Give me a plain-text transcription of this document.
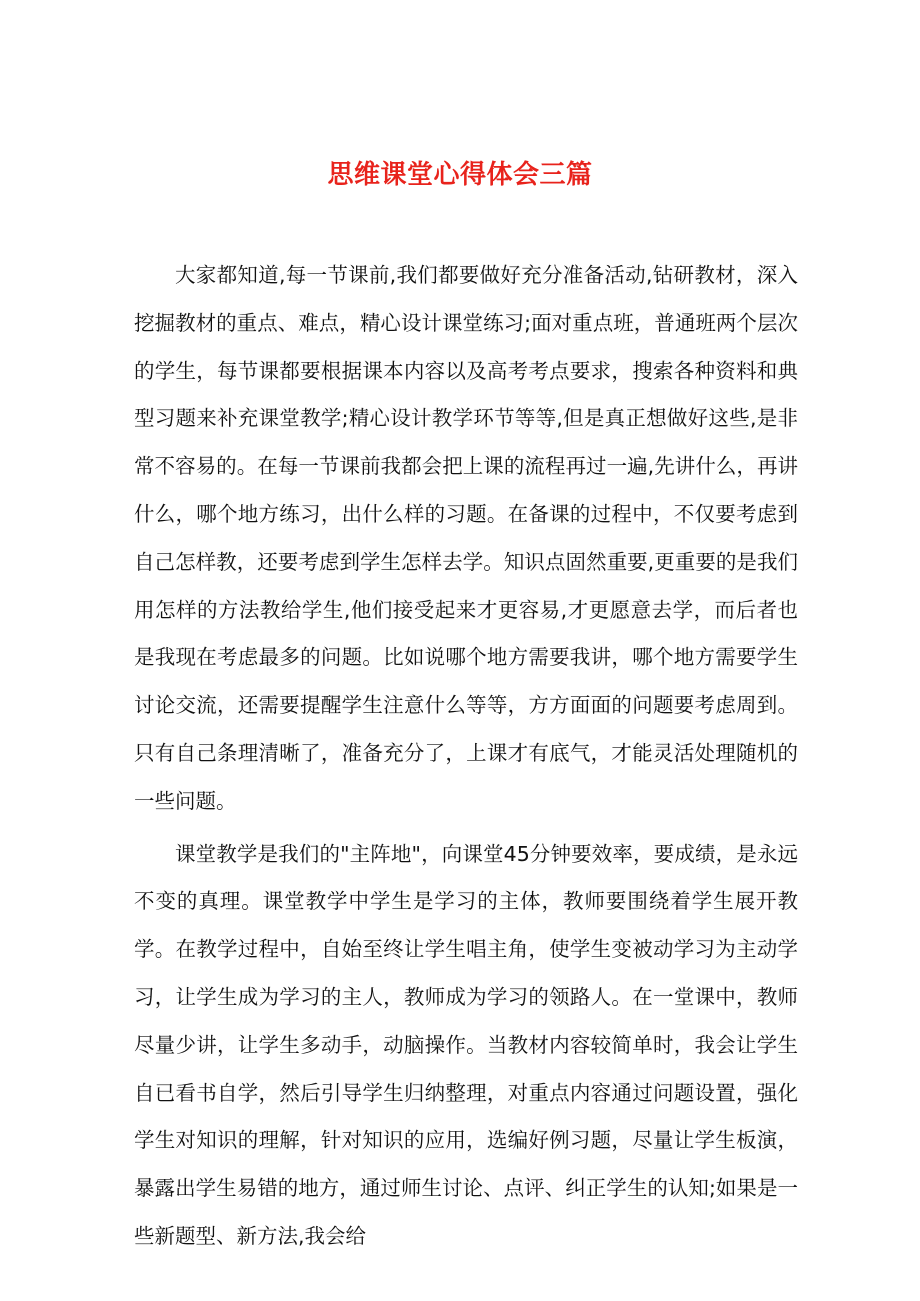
思维课堂心得体会三篇

大家都知道,每一节课前,我们都要做好充分准备活动,钻研教材，深入挖掘教材的重点、难点，精心设计课堂练习;面对重点班，普通班两个层次的学生，每节课都要根据课本内容以及高考考点要求，搜索各种资料和典型习题来补充课堂教学;精心设计教学环节等等,但是真正想做好这些,是非常不容易的。在每一节课前我都会把上课的流程再过一遍,先讲什么，再讲什么，哪个地方练习，出什么样的习题。在备课的过程中，不仅要考虑到自己怎样教，还要考虑到学生怎样去学。知识点固然重要,更重要的是我们用怎样的方法教给学生,他们接受起来才更容易,才更愿意去学，而后者也是我现在考虑最多的问题。比如说哪个地方需要我讲，哪个地方需要学生讨论交流，还需要提醒学生注意什么等等，方方面面的问题要考虑周到。只有自己条理清晰了，准备充分了，上课才有底气，才能灵活处理随机的一些问题。

课堂教学是我们的"主阵地"，向课堂45分钟要效率，要成绩，是永远不变的真理。课堂教学中学生是学习的主体，教师要围绕着学生展开教学。在教学过程中，自始至终让学生唱主角，使学生变被动学习为主动学习，让学生成为学习的主人，教师成为学习的领路人。在一堂课中，教师尽量少讲，让学生多动手，动脑操作。当教材内容较简单时，我会让学生自已看书自学，然后引导学生归纳整理，对重点内容通过问题设置，强化学生对知识的理解，针对知识的应用，选编好例习题，尽量让学生板演，暴露出学生易错的地方，通过师生讨论、点评、纠正学生的认知;如果是一些新题型、新方法,我会给
